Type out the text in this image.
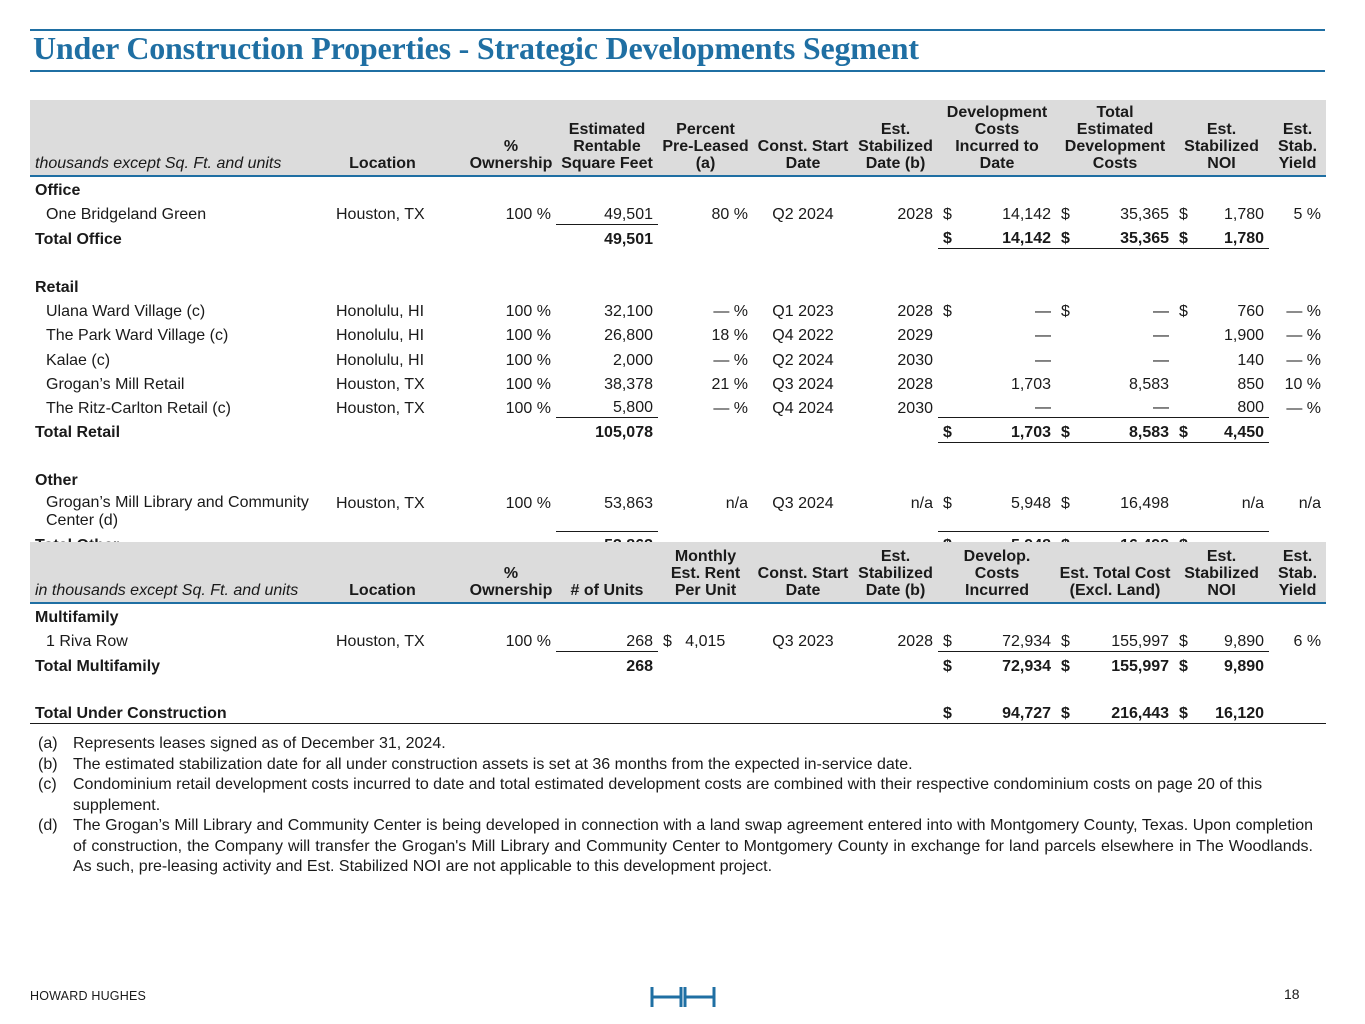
Under Construction Properties - Strategic Developments Segment
thousands except Sq. Ft. and units	Location	% Ownership	Estimated Rentable Square Feet	Percent Pre-Leased (a)	Const. Start Date	Est. Stabilized Date (b)	Development Costs Incurred to Date		Total Estimated Development Costs		Est. Stabilized NOI		Est. Stab. Yield
Office													
One Bridgeland Green	Houston, TX	100 %	49,501	80 %	Q2 2024	2028	$	14,142	$	35,365	$	1,780	5 %
Total Office			49,501				$	14,142	$	35,365	$	1,780	

Retail													
Ulana Ward Village (c)	Honolulu, HI	100 %	32,100	— %	Q1 2023	2028	$	—	$	—	$	760	— %
The Park Ward Village (c)	Honolulu, HI	100 %	26,800	18 %	Q4 2022	2029		—		—		1,900	— %
Kalae (c)	Honolulu, HI	100 %	2,000	— %	Q2 2024	2030		—		—		140	— %
Grogan’s Mill Retail	Houston, TX	100 %	38,378	21 %	Q3 2024	2028		1,703		8,583		850	10 %
The Ritz-Carlton Retail (c)	Houston, TX	100 %	5,800	— %	Q4 2024	2030		—		—		800	— %
Total Retail			105,078				$	1,703	$	8,583	$	4,450	

Other													
Grogan’s Mill Library and Community Center (d)	Houston, TX	100 %	53,863	n/a	Q3 2024	n/a	$	5,948	$	16,498		n/a	n/a

in thousands except Sq. Ft. and units	Location	% Ownership	# of Units	Monthly Est. Rent Per Unit	Const. Start Date	Est. Stabilized Date (b)	Develop. Costs Incurred		Est. Total Cost (Excl. Land)		Est. Stabilized NOI		Est. Stab. Yield
Multifamily													
1 Riva Row	Houston, TX	100 %	268	$ 4,015	Q3 2023	2028	$	72,934	$	155,997	$	9,890	6 %
Total Multifamily			268				$	72,934	$	155,997	$	9,890	

Total Under Construction							$	94,727	$	216,443	$	16,120	
(a) Represents leases signed as of December 31, 2024.
(b) The estimated stabilization date for all under construction assets is set at 36 months from the expected in-service date.
(c)	Condominium retail development costs incurred to date and total estimated development costs are combined with their respective condominium costs on page 20 of this supplement.
(d) The Grogan’s Mill Library and Community Center is being developed in connection with a land swap agreement entered into with Montgomery County, Texas. Upon completion of construction, the Company will transfer the Grogan's Mill Library and Community Center to Montgomery County in exchange for land parcels elsewhere in The Woodlands. As such, pre-leasing activity and Est. Stabilized NOI are not applicable to this development project.
HOWARD HUGHES	18
